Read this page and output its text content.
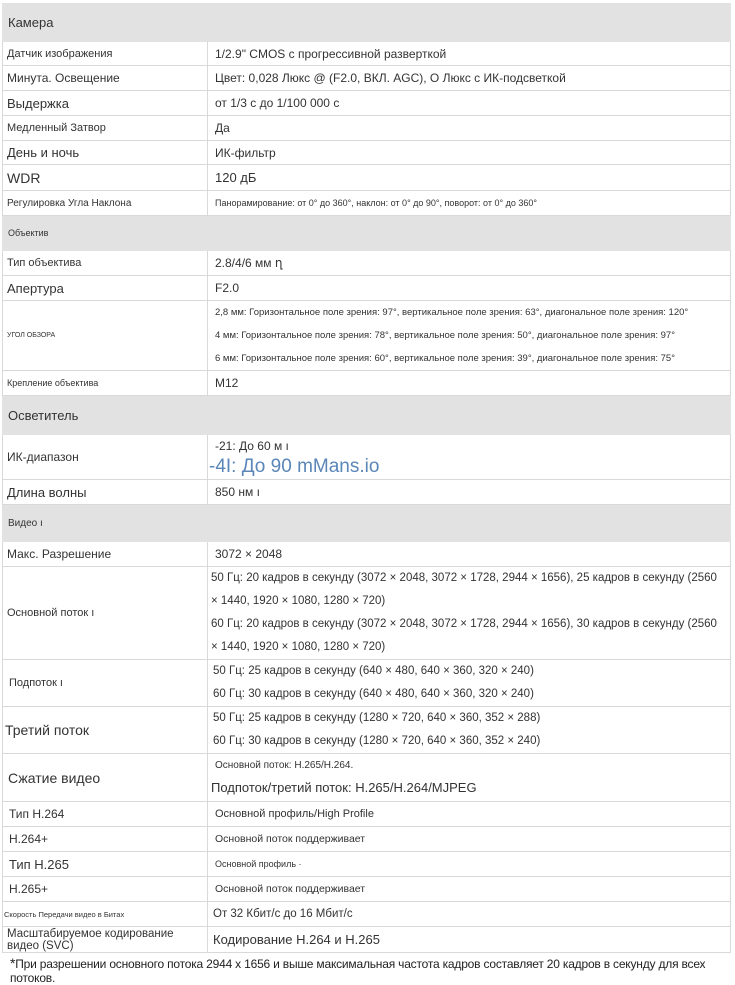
Камера	
Датчик изображения	1/2.9" CMOS с прогрессивной разверткой
Минута. Освещение	Цвет: 0,028 Люкс @ (F2.0, ВКЛ. AGC), О Люкс с ИК-подсветкой
Выдержка	от 1/3 с до 1/100 000 с
Медленный Затвор	Да
День и ночь	ИК-фильтр
WDR	120 дБ
Регулировка Угла Наклона	Панорамирование: от 0° до 360°, наклон: от 0° до 90°, поворот: от 0° до 360°
Объектив	
Тип объектива	2.8/4/6 мм ղ
Апертура	F2.0
УГОЛ ОБЗОРА	2,8 мм: Горизонтальное поле зрения: 97°, вертикальное поле зрения: 63°, диагональное поле зрения: 120°
4 мм: Горизонтальное поле зрения: 78°, вертикальное поле зрения: 50°, диагональное поле зрения: 97°
6 мм: Горизонтальное поле зрения: 60°, вертикальное поле зрения: 39°, диагональное поле зрения: 75°

Крепление объектива	M12
Осветитель	
ИК-диапазон	-21: До 60 м ı
-4I: До 90 mMans.io

Длина волны	850 нм ı
Видео ı	
Макс. Разрешение	3072 × 2048
Основной поток ı	50 Гц: 20 кадров в секунду (3072 × 2048, 3072 × 1728, 2944 × 1656), 25 кадров в секунду (2560 × 1440, 1920 × 1080, 1280 × 720)
60 Гц: 20 кадров в секунду (3072 × 2048, 3072 × 1728, 2944 × 1656), 30 кадров в секунду (2560 × 1440, 1920 × 1080, 1280 × 720)

Подпоток ı	50 Гц: 25 кадров в секунду (640 × 480, 640 × 360, 320 × 240)
60 Гц: 30 кадров в секунду (640 × 480, 640 × 360, 320 × 240)

Третий поток	50 Гц: 25 кадров в секунду (1280 × 720, 640 × 360, 352 × 288)
60 Гц: 30 кадров в секунду (1280 × 720, 640 × 360, 352 × 240)

Сжатие видео	Основной поток: H.265/H.264.
Подпоток/третий поток: H.265/H.264/MJPEG

Тип H.264	Основной профиль/High Profile
H.264+	Основной поток поддерживает
Тип H.265	Основной профиль ·
H.265+	Основной поток поддерживает
Скорость Передачи видео в Битах	От 32 Кбит/с до 16 Мбит/с
Масштабируемое кодирование видео (SVC)	Кодирование H.264 и H.265
*При разрешении основного потока 2944 x 1656 и выше максимальная частота кадров составляет 20 кадров в секунду для всех потоков.
